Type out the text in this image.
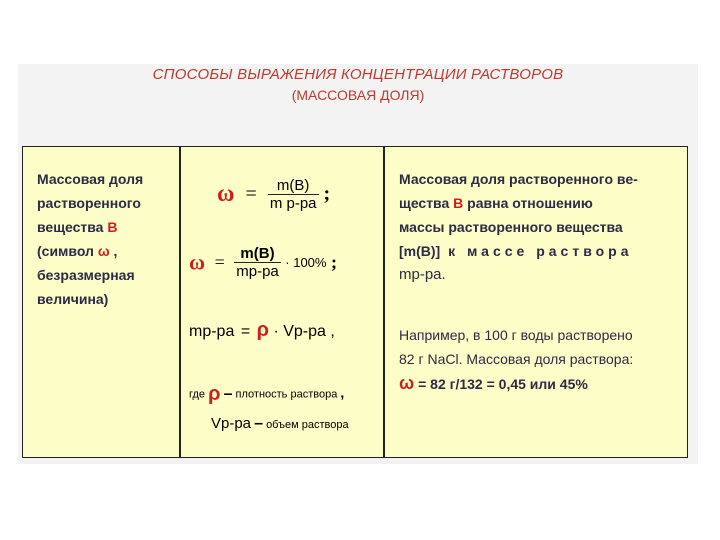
СПОСОБЫ ВЫРАЖЕНИЯ КОНЦЕНТРАЦИИ РАСТВОРОВ
(МАССОВАЯ ДОЛЯ)
Массовая доля
растворенного
вещества В
(символ ω ,
безразмерная
величина)
$\omega = \frac{m(В)}{\text{m р-ра}}$ ;
$\omega = \frac{m(В)}{mр-ра} \cdot 100\%$ ;
mр-ра = ρ · Vр-ра ,
где ρ – плотность раствора ,
Vр-ра – объем раствора
Массовая доля растворенного ве-
щества В равна отношению
массы растворенного вещества
[m(В)] к массе раствора
mр-ра.
Например, в 100 г воды растворено
82 г NaCl. Массовая доля раствора:
ω = 82 г/132 = 0,45 или 45%
